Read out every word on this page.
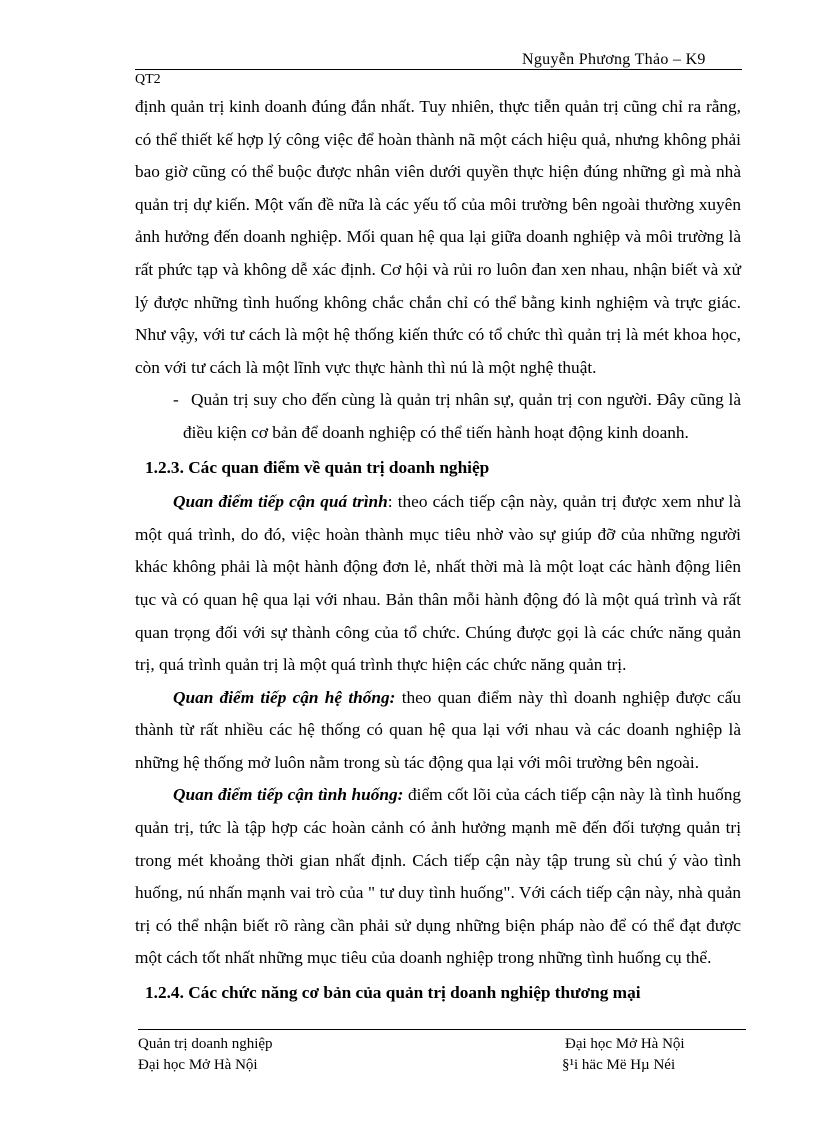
Nguyễn Phương Thảo – K9
QT2

định quản trị kinh doanh đúng đắn nhất. Tuy nhiên, thực tiễn quản trị cũng chỉ ra rằng, có thể thiết kế hợp lý công việc để hoàn thành nã một cách hiệu quả, nhưng không phải bao giờ cũng có thể buộc được nhân viên dưới quyền thực hiện đúng những gì mà nhà quản trị dự kiến. Một vấn đề nữa là các yếu tố của môi trường bên ngoài thường xuyên ảnh hưởng đến doanh nghiệp. Mối quan hệ qua lại giữa doanh nghiệp và môi trường là rất phức tạp và không dễ xác định. Cơ hội và rủi ro luôn đan xen nhau, nhận biết và xử lý được những tình huống không chắc chắn chỉ có thể bằng kinh nghiệm và trực giác. Như vậy, với tư cách là một hệ thống kiến thức có tổ chức thì quản trị là mét khoa học, còn với tư cách là một lĩnh vực thực hành thì nú là một nghệ thuật.

- Quản trị suy cho đến cùng là quản trị nhân sự, quản trị con người. Đây cũng là điều kiện cơ bản để doanh nghiệp có thể tiến hành hoạt động kinh doanh.

1.2.3. Các quan điểm về quản trị doanh nghiệp

Quan điểm tiếp cận quá trình: theo cách tiếp cận này, quản trị được xem như là một quá trình, do đó, việc hoàn thành mục tiêu nhờ vào sự giúp đỡ của những người khác không phải là một hành động đơn lẻ, nhất thời mà là một loạt các hành động liên tục và có quan hệ qua lại với nhau. Bản thân mỗi hành động đó là một quá trình và rất quan trọng đối với sự thành công của tổ chức. Chúng được gọi là các chức năng quản trị, quá trình quản trị là một quá trình thực hiện các chức năng quản trị.

Quan điểm tiếp cận hệ thống: theo quan điểm này thì doanh nghiệp được cấu thành từ rất nhiều các hệ thống có quan hệ qua lại với nhau và các doanh nghiệp là những hệ thống mở luôn nằm trong sù tác động qua lại với môi trường bên ngoài.

Quan điểm tiếp cận tình huống: điểm cốt lõi của cách tiếp cận này là tình huống quản trị, tức là tập hợp các hoàn cảnh có ảnh hưởng mạnh mẽ đến đối tượng quản trị trong mét khoảng thời gian nhất định. Cách tiếp cận này tập trung sù chú ý vào tình huống, nú nhấn mạnh vai trò của " tư duy tình huống". Với cách tiếp cận này, nhà quản trị có thể nhận biết rõ ràng cần phải sử dụng những biện pháp nào để có thể đạt được một cách tốt nhất những mục tiêu của doanh nghiệp trong những tình huống cụ thể.

1.2.4. Các chức năng cơ bản của quản trị doanh nghiệp thương mại

Quản trị doanh nghiệp	Đại học Mở Hà Nội
Đại học Mở Hà Nội	§¹i häc Më Hµ Néi
